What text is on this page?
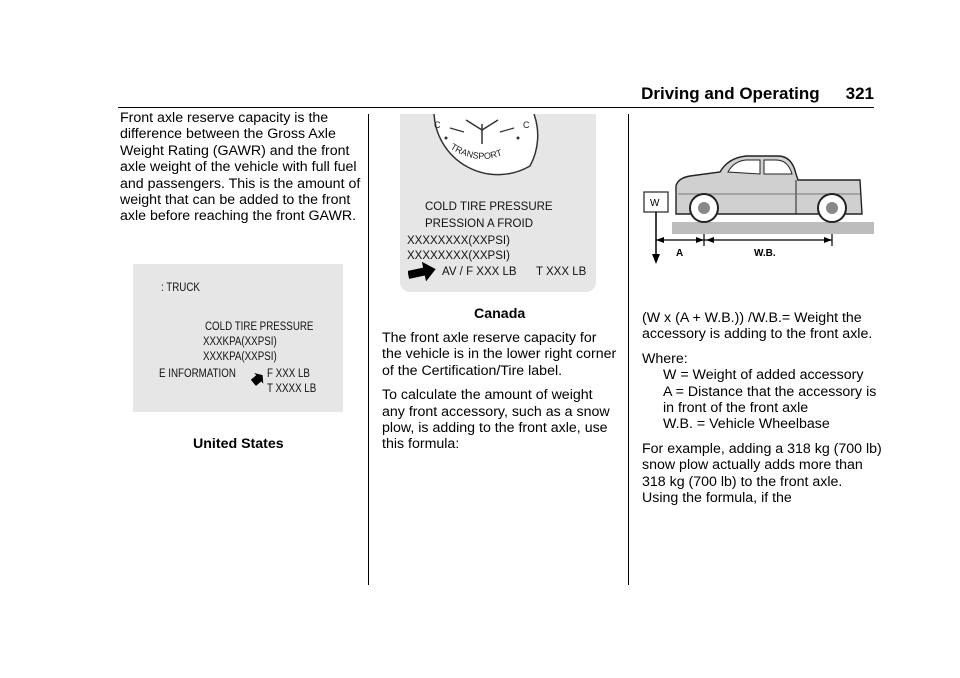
Driving and Operating 321

Front axle reserve capacity is the difference between the Gross Axle Weight Rating (GAWR) and the front axle weight of the vehicle with full fuel and passengers. This is the amount of weight that can be added to the front axle before reaching the front GAWR.

: TRUCK
COLD TIRE PRESSURE
XXXKPA(XXPSI)
XXXKPA(XXPSI)
E INFORMATION	F XXX LB
T XXXX LB
United States
TRANSPORT
C	C
COLD TIRE PRESSURE
PRESSION A FROID
XXXXXXXX(XXPSI)
XXXXXXXX(XXPSI)
AV / F XXX LB T XXX LB
Canada

The front axle reserve capacity for the vehicle is in the lower right corner of the Certification/Tire label.

To calculate the amount of weight any front accessory, such as a snow plow, is adding to the front axle, use this formula:

W
A	W.B.

(W x (A + W.B.)) /W.B.= Weight the accessory is adding to the front axle.

Where:

W = Weight of added accessory

A = Distance that the accessory is in front of the front axle

W.B. = Vehicle Wheelbase

For example, adding a 318 kg (700 lb) snow plow actually adds more than 318 kg (700 lb) to the front axle. Using the formula, if the
